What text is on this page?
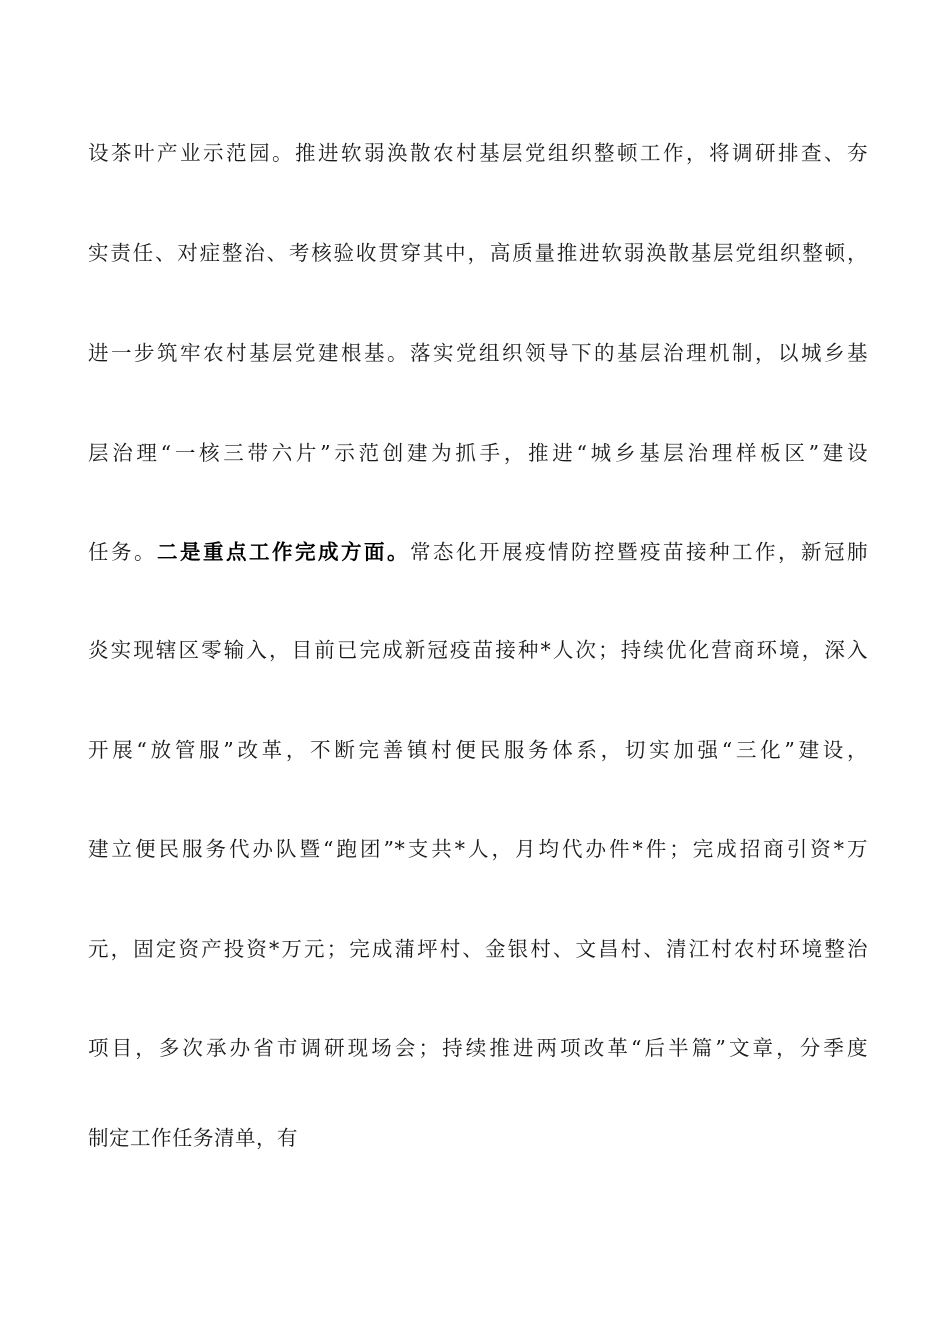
设茶叶产业示范园。推进软弱涣散农村基层党组织整顿工作，将调研排查、夯
实责任、对症整治、考核验收贯穿其中，高质量推进软弱涣散基层党组织整顿，
进一步筑牢农村基层党建根基。落实党组织领导下的基层治理机制，以城乡基
层治理“一核三带六片”示范创建为抓手，推进“城乡基层治理样板区”建设
任务。二是重点工作完成方面。常态化开展疫情防控暨疫苗接种工作，新冠肺
炎实现辖区零输入，目前已完成新冠疫苗接种*人次；持续优化营商环境，深入
开展“放管服”改革，不断完善镇村便民服务体系，切实加强“三化”建设，
建立便民服务代办队暨“跑团”*支共*人，月均代办件*件；完成招商引资*万
元，固定资产投资*万元；完成蒲坪村、金银村、文昌村、清江村农村环境整治
项目，多次承办省市调研现场会；持续推进两项改革“后半篇”文章，分季度
制定工作任务清单，有
